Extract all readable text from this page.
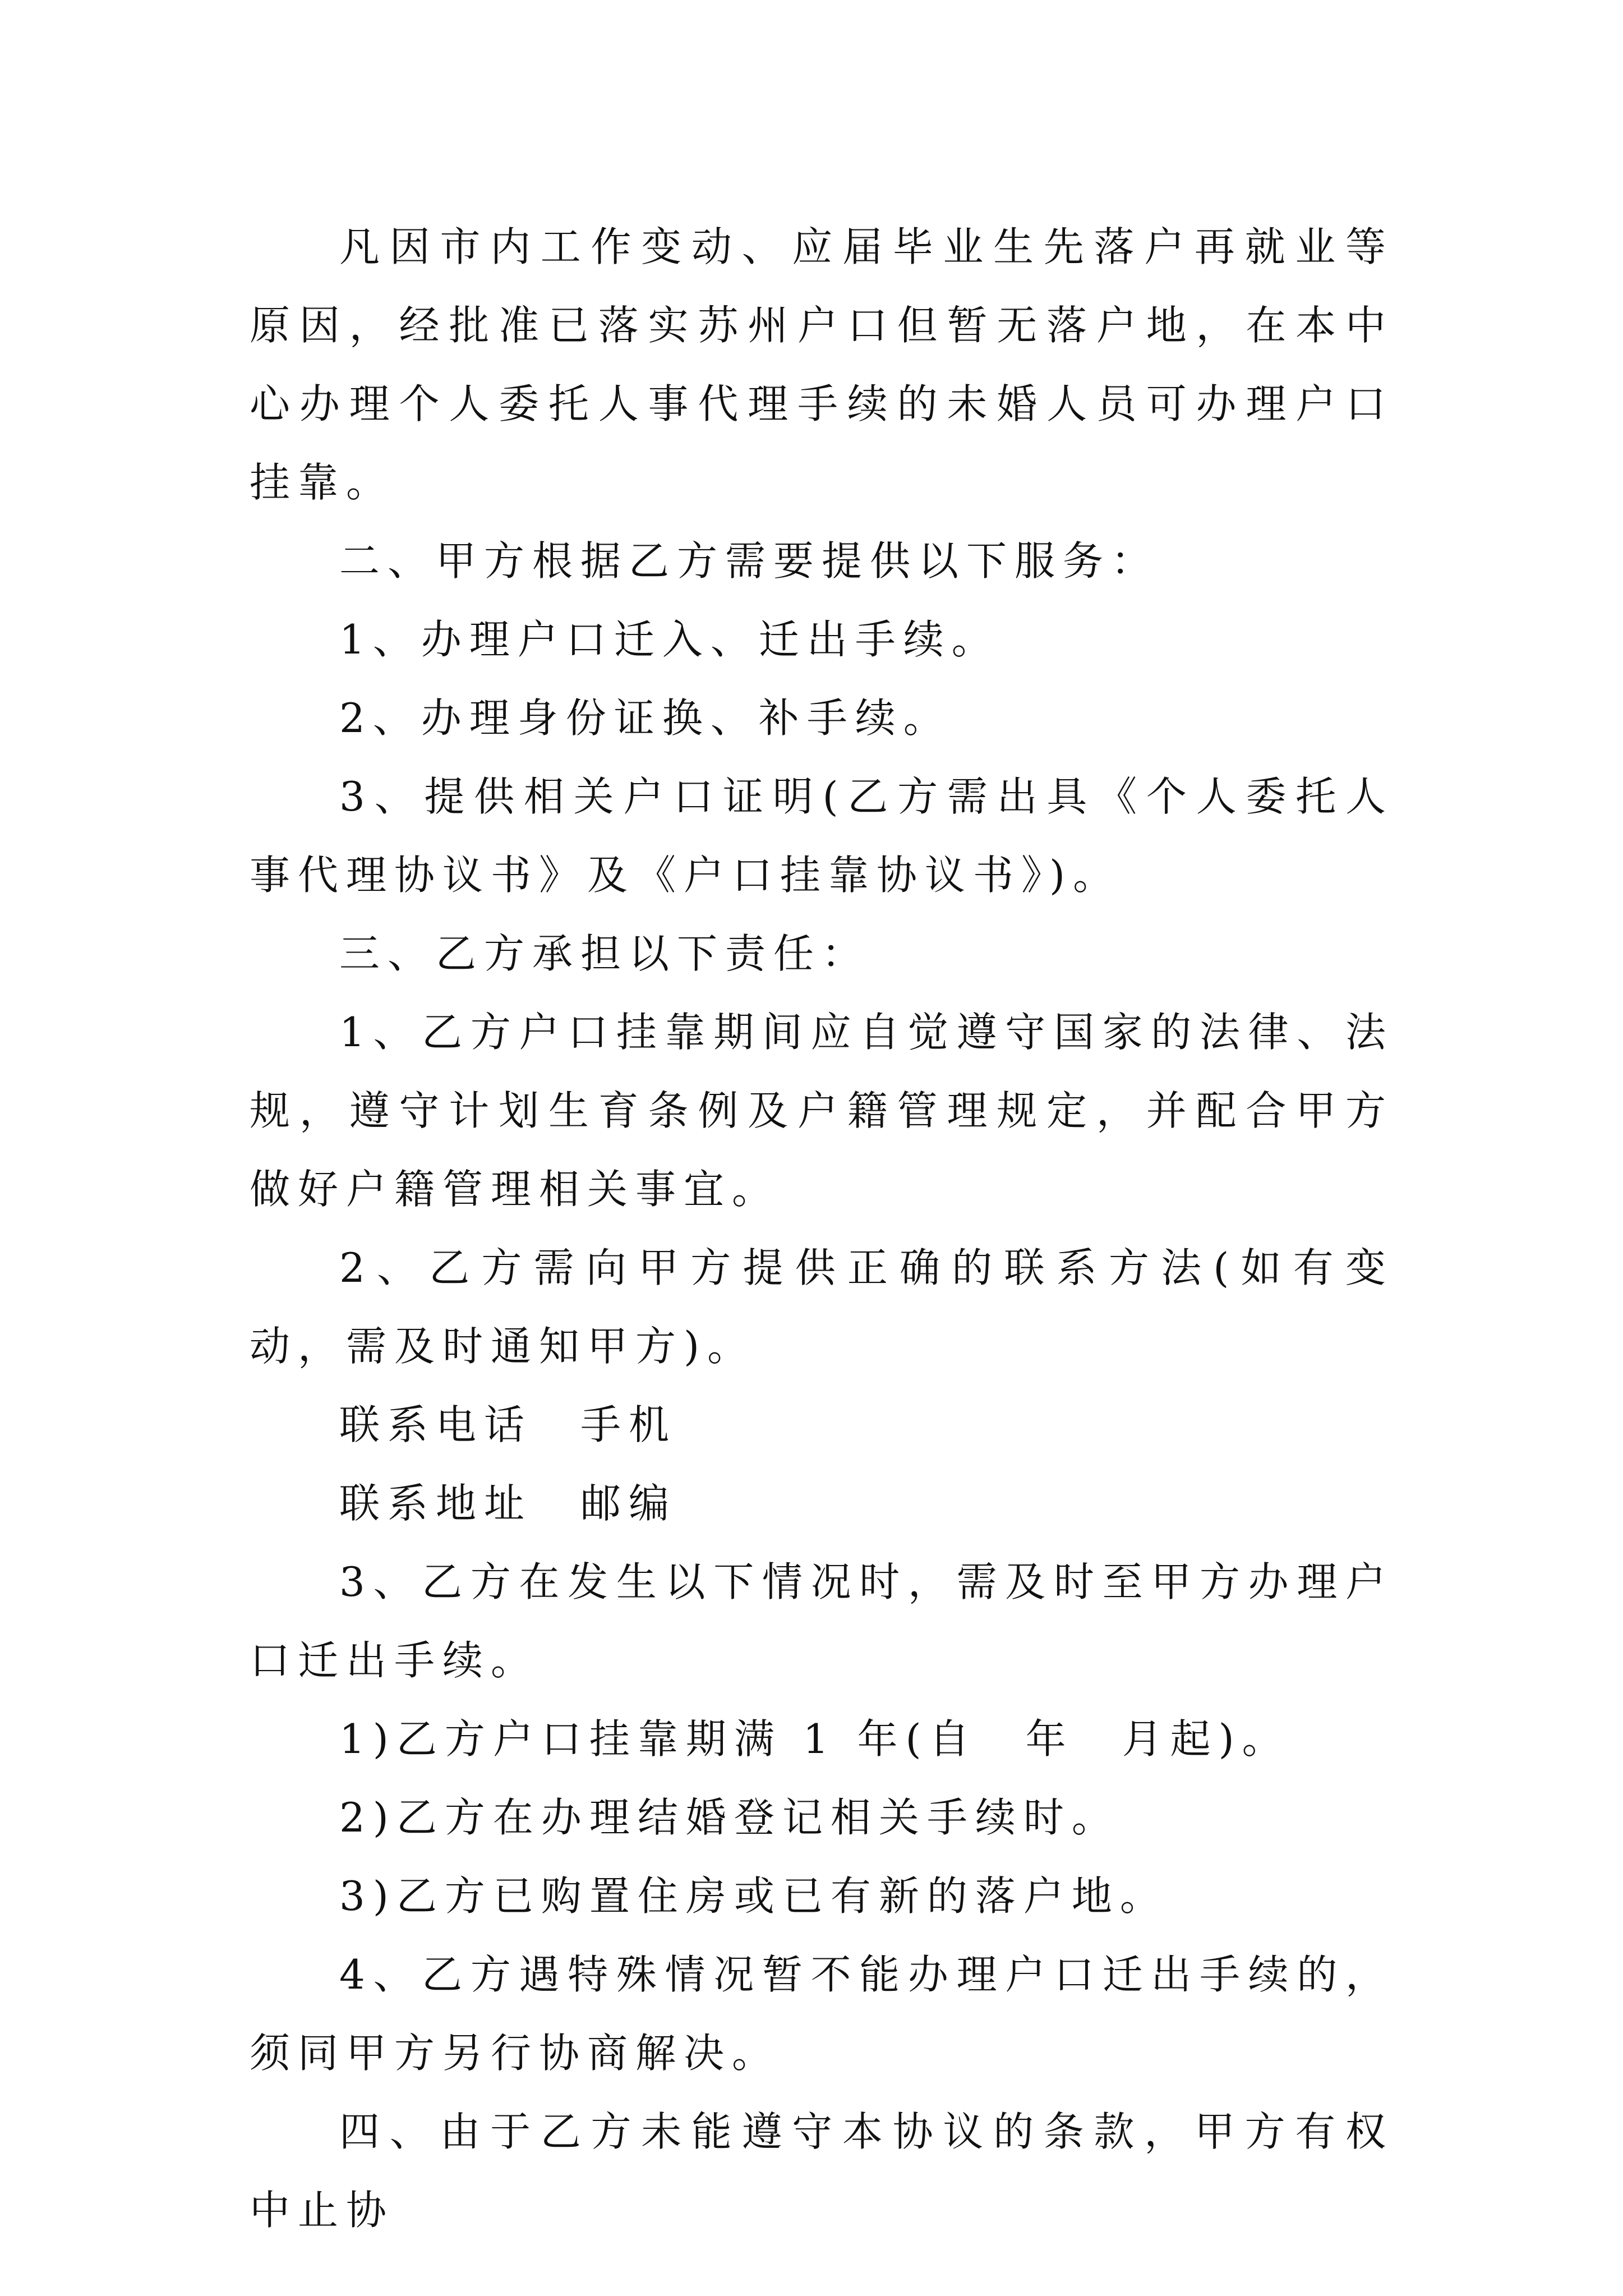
凡因市内工作变动、应届毕业生先落户再就业等原因，经批准已落实苏州户口但暂无落户地，在本中心办理个人委托人事代理手续的未婚人员可办理户口挂靠。

二、甲方根据乙方需要提供以下服务：

1、办理户口迁入、迁出手续。

2、办理身份证换、补手续。

3、提供相关户口证明(乙方需出具《个人委托人事代理协议书》及《户口挂靠协议书》)。

三、乙方承担以下责任：

1、乙方户口挂靠期间应自觉遵守国家的法律、法规，遵守计划生育条例及户籍管理规定，并配合甲方做好户籍管理相关事宜。

2、乙方需向甲方提供正确的联系方法(如有变动，需及时通知甲方)。

联系电话　手机

联系地址　邮编

3、乙方在发生以下情况时，需及时至甲方办理户口迁出手续。

1)乙方户口挂靠期满 1 年(自　年　月起)。

2)乙方在办理结婚登记相关手续时。

3)乙方已购置住房或已有新的落户地。

4、乙方遇特殊情况暂不能办理户口迁出手续的，须同甲方另行协商解决。

四、由于乙方未能遵守本协议的条款，甲方有权中止协
